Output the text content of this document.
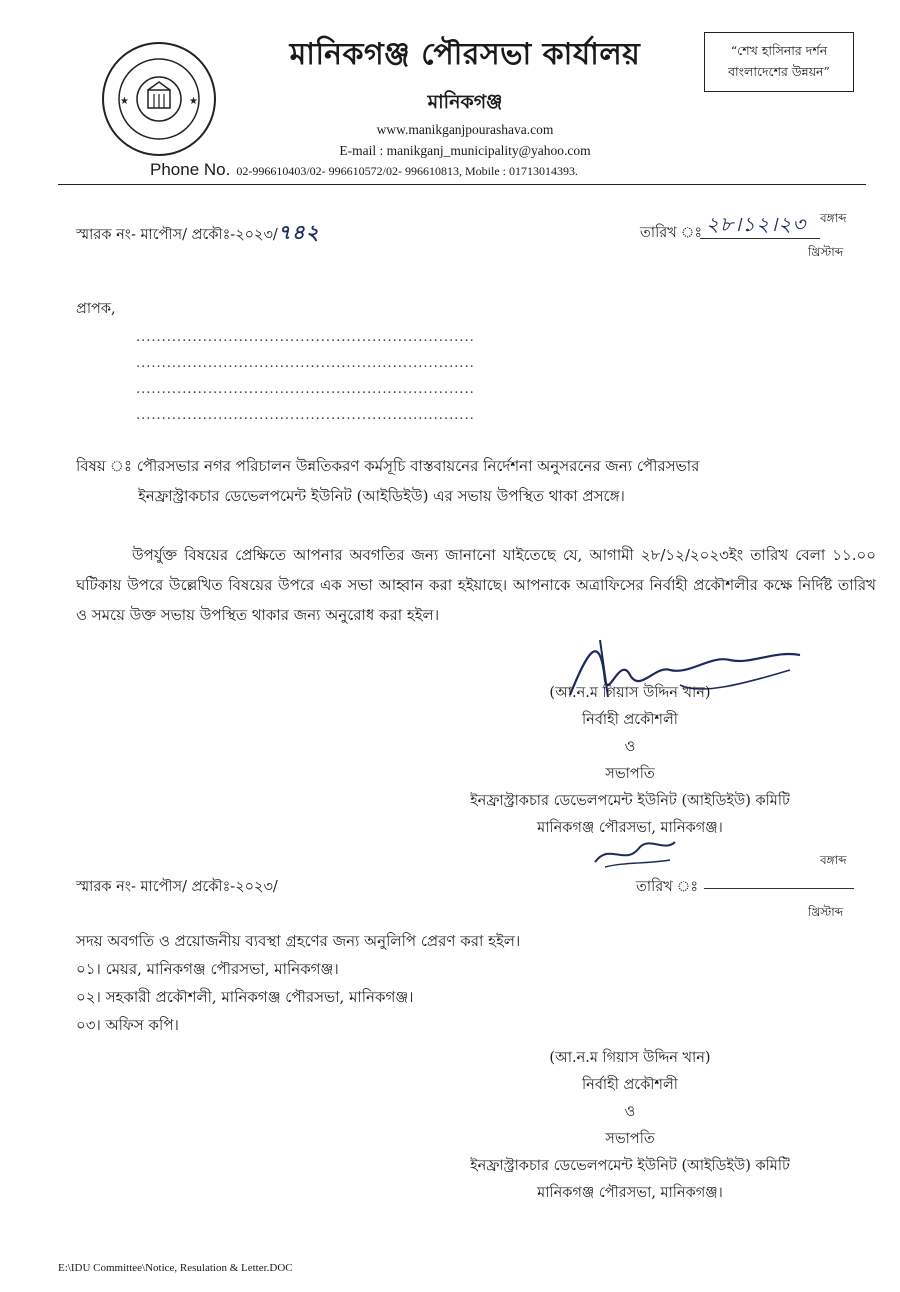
★	★
মানিকগঞ্জ পৌরসভা কার্যালয়
মানিকগঞ্জ
www.manikganjpourashava.com
E-mail : manikganj_municipality@yahoo.com
Phone No. 02-996610403/02- 996610572/02- 996610813, Mobile : 01713014393.
“শেখ হাসিনার দর্শন
বাংলাদেশের উন্নয়ন”
স্মারক নং- মাপৌস/ প্রকৌঃ-২০২৩/৭৪২	তারিখ ঃ ২৮।১২।২৩ বঙ্গাব্দ
খ্রিস্টাব্দ
প্রাপক,
..................................................................
..................................................................
..................................................................
..................................................................
বিষয় ঃ পৌরসভার নগর পরিচালন উন্নতিকরণ কর্মসূচি বাস্তবায়নের নির্দেশনা অনুসরনের জন্য পৌরসভার
ইনফ্রাস্ট্রাকচার ডেভেলপমেন্ট ইউনিট (আইডিইউ) এর সভায় উপস্থিত থাকা প্রসঙ্গে।
উপর্যুক্ত বিষয়ের প্রেক্ষিতে আপনার অবগতির জন্য জানানো যাইতেছে যে, আগামী ২৮/১২/২০২৩ইং তারিখ বেলা ১১.০০ ঘটিকায় উপরে উল্লেখিত বিষয়ের উপরে এক সভা আহ্বান করা হইয়াছে। আপনাকে অত্রাফিসের নির্বাহী প্রকৌশলীর কক্ষে নির্দিষ্ট তারিখ ও সময়ে উক্ত সভায় উপস্থিত থাকার জন্য অনুরোধ করা হইল।
(আ.ন.ম গিয়াস উদ্দিন খান)
নির্বাহী প্রকৌশলী
ও
সভাপতি
ইনফ্রাস্ট্রাকচার ডেভেলপমেন্ট ইউনিট (আইডিইউ) কমিটি
মানিকগঞ্জ পৌরসভা, মানিকগঞ্জ।
বঙ্গাব্দ
স্মারক নং- মাপৌস/ প্রকৌঃ-২০২৩/	তারিখ ঃ
খ্রিস্টাব্দ
সদয় অবগতি ও প্রয়োজনীয় ব্যবস্থা গ্রহণের জন্য অনুলিপি প্রেরণ করা হইল।
০১। মেয়র, মানিকগঞ্জ পৌরসভা, মানিকগঞ্জ।
০২। সহকারী প্রকৌশলী, মানিকগঞ্জ পৌরসভা, মানিকগঞ্জ।
০৩। অফিস কপি।
(আ.ন.ম গিয়াস উদ্দিন খান)
নির্বাহী প্রকৌশলী
ও
সভাপতি
ইনফ্রাস্ট্রাকচার ডেভেলপমেন্ট ইউনিট (আইডিইউ) কমিটি
মানিকগঞ্জ পৌরসভা, মানিকগঞ্জ।
E:\IDU Committee\Notice, Resulation & Letter.DOC
